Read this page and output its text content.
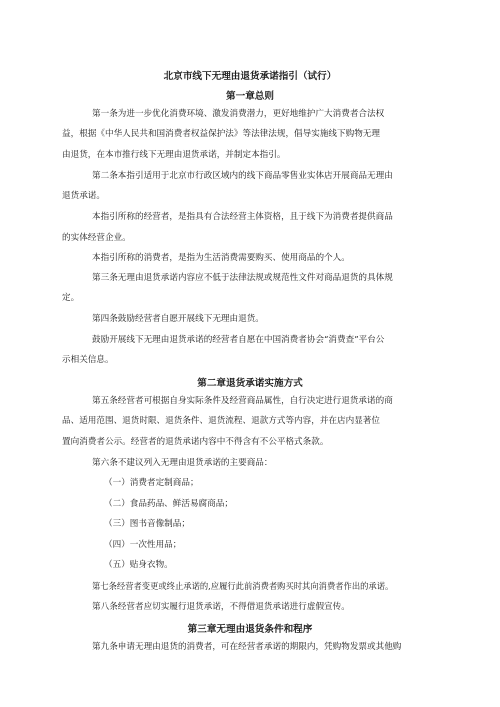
北京市线下无理由退货承诺指引（试行）
第一章总则
第一条为进一步优化消费环境、激发消费潜力，更好地维护广大消费者合法权
益，根据《中华人民共和国消费者权益保护法》等法律法规，倡导实施线下购物无理
由退货，在本市推行线下无理由退货承诺，并制定本指引。
第二条本指引适用于北京市行政区域内的线下商品零售业实体店开展商品无理由
退货承诺。
本指引所称的经营者，是指具有合法经营主体资格，且于线下为消费者提供商品
的实体经营企业。
本指引所称的消费者，是指为生活消费需要购买、使用商品的个人。
第三条无理由退货承诺内容应不低于法律法规或规范性文件对商品退货的具体规
定。
第四条鼓励经营者自愿开展线下无理由退货。
鼓励开展线下无理由退货承诺的经营者自愿在中国消费者协会“消费查”平台公
示相关信息。
第二章退货承诺实施方式
第五条经营者可根据自身实际条件及经营商品属性，自行决定进行退货承诺的商
品、适用范围、退货时限、退货条件、退货流程、退款方式等内容，并在店内显著位
置向消费者公示。经营者的退货承诺内容中不得含有不公平格式条款。
第六条不建议列入无理由退货承诺的主要商品：
（一）消费者定制商品；
（二）食品药品、鲜活易腐商品；
（三）图书音像制品；
（四）一次性用品；
（五）贴身衣物。
第七条经营者变更或终止承诺的,应履行此前消费者购买时其向消费者作出的承诺。
第八条经营者应切实履行退货承诺，不得借退货承诺进行虚假宣传。
第三章无理由退货条件和程序
第九条申请无理由退货的消费者，可在经营者承诺的期限内，凭购物发票或其他购
